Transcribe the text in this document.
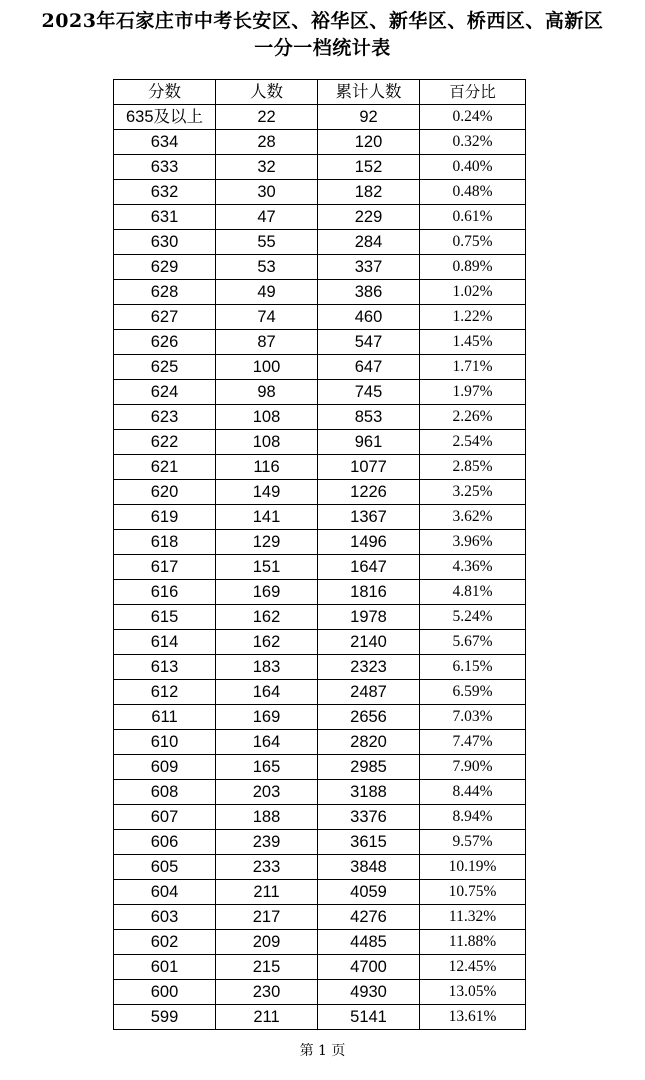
2023年石家庄市中考长安区、裕华区、新华区、桥西区、高新区
一分一档统计表
分数	人数	累计人数	百分比
635及以上	22	92	0.24%
634	28	120	0.32%
633	32	152	0.40%
632	30	182	0.48%
631	47	229	0.61%
630	55	284	0.75%
629	53	337	0.89%
628	49	386	1.02%
627	74	460	1.22%
626	87	547	1.45%
625	100	647	1.71%
624	98	745	1.97%
623	108	853	2.26%
622	108	961	2.54%
621	116	1077	2.85%
620	149	1226	3.25%
619	141	1367	3.62%
618	129	1496	3.96%
617	151	1647	4.36%
616	169	1816	4.81%
615	162	1978	5.24%
614	162	2140	5.67%
613	183	2323	6.15%
612	164	2487	6.59%
611	169	2656	7.03%
610	164	2820	7.47%
609	165	2985	7.90%
608	203	3188	8.44%
607	188	3376	8.94%
606	239	3615	9.57%
605	233	3848	10.19%
604	211	4059	10.75%
603	217	4276	11.32%
602	209	4485	11.88%
601	215	4700	12.45%
600	230	4930	13.05%
599	211	5141	13.61%
第 1 页
